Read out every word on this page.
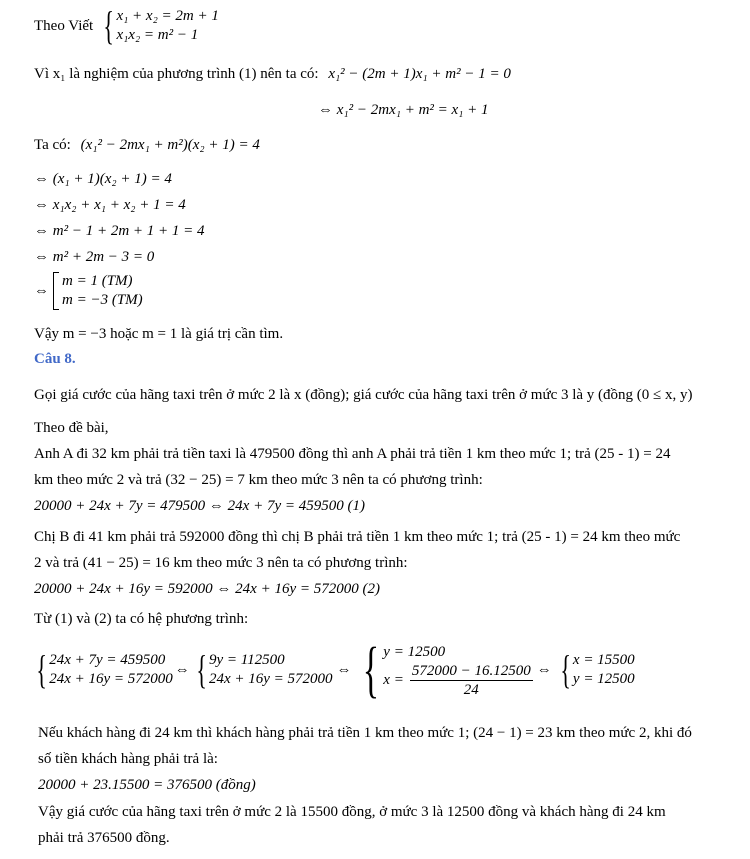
Theo Viết { x₁ + x₂ = 2m + 1
x₁x₂ = m² − 1
Vì x₁ là nghiệm của phương trình (1) nên ta có: x₁² − (2m + 1)x₁ + m² − 1 = 0
⇔ x₁² − 2mx₁ + m² = x₁ + 1
Ta có: (x₁² − 2mx₁ + m²)(x₂ + 1) = 4
⇔ (x₁ + 1)(x₂ + 1) = 4
⇔ x₁x₂ + x₁ + x₂ + 1 = 4
⇔ m² − 1 + 2m + 1 + 1 = 4
⇔ m² + 2m − 3 = 0
⇔
m = 1 (TM)
m = −3 (TM)
Vậy m = −3 hoặc m = 1 là giá trị cần tìm.
Câu 8.
Gọi giá cước của hãng taxi trên ở mức 2 là x (đồng); giá cước của hãng taxi trên ở mức 3 là y (đồng (0 ≤ x, y)
Theo đề bài,
Anh A đi 32 km phải trả tiền taxi là 479500 đồng thì anh A phải trả tiền 1 km theo mức 1; trả (25 - 1) = 24
km theo mức 2 và trả (32 − 25) = 7 km theo mức 3 nên ta có phương trình:
20000 + 24x + 7y = 479500 ⇔ 24x + 7y = 459500 (1)
Chị B đi 41 km phải trả 592000 đồng thì chị B phải trả tiền 1 km theo mức 1; trả (25 - 1) = 24 km theo mức
2 và trả (41 − 25) = 16 km theo mức 3 nên ta có phương trình:
20000 + 24x + 16y = 592000 ⇔ 24x + 16y = 572000 (2)
Từ (1) và (2) ta có hệ phương trình:
{ 24x + 7y = 459500
24x + 16y = 572000
⇔ { 9y = 112500
24x + 16y = 572000
⇔ { y = 12500
$x = \frac{572000 - 16.12500}{24}$ ⇔ { x = 15500
y = 12500
Nếu khách hàng đi 24 km thì khách hàng phải trả tiền 1 km theo mức 1; (24 − 1) = 23 km theo mức 2, khi đó
số tiền khách hàng phải trả là:
20000 + 23.15500 = 376500 (đồng)
Vậy giá cước của hãng taxi trên ở mức 2 là 15500 đồng, ở mức 3 là 12500 đồng và khách hàng đi 24 km
phải trả 376500 đồng.
